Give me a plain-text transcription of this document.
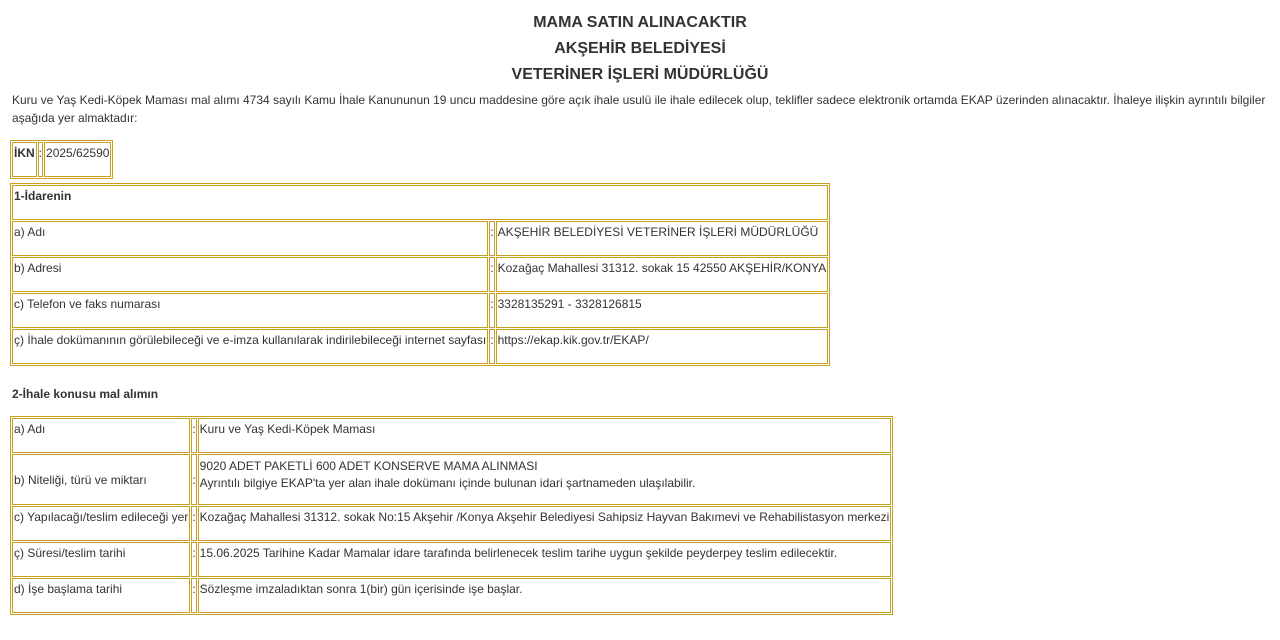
MAMA SATIN ALINACAKTIR
AKŞEHİR BELEDİYESİ
VETERİNER İŞLERİ MÜDÜRLÜĞÜ
Kuru ve Yaş Kedi-Köpek Maması mal alımı 4734 sayılı Kamu İhale Kanununun 19 uncu maddesine göre açık ihale usulü ile ihale edilecek olup, teklifler sadece elektronik ortamda EKAP üzerinden alınacaktır. İhaleye ilişkin ayrıntılı bilgiler aşağıda yer almaktadır:
İKN	:	2025/62590
1-İdarenin		
a) Adı	:	AKŞEHİR BELEDİYESİ VETERİNER İŞLERİ MÜDÜRLÜĞÜ
b) Adresi	:	Kozağaç Mahallesi 31312. sokak 15 42550 AKŞEHİR/KONYA
c) Telefon ve faks numarası	:	3328135291 - 3328126815
ç) İhale dokümanının görülebileceği ve e-imza kullanılarak indirilebileceği internet sayfası	:	https://ekap.kik.gov.tr/EKAP/
2-İhale konusu mal alımın
a) Adı	:	Kuru ve Yaş Kedi-Köpek Maması
b) Niteliği, türü ve miktarı	:	9020 ADET PAKETLİ 600 ADET KONSERVE MAMA ALINMASI
Ayrıntılı bilgiye EKAP'ta yer alan ihale dokümanı içinde bulunan idari şartnameden ulaşılabilir.

c) Yapılacağı/teslim edileceği yer	:	Kozağaç Mahallesi 31312. sokak No:15 Akşehir /Konya Akşehir Belediyesi Sahipsiz Hayvan Bakımevi ve Rehabilistasyon merkezi
ç) Süresi/teslim tarihi	:	15.06.2025 Tarihine Kadar Mamalar idare tarafında belirlenecek teslim tarihe uygun şekilde peyderpey teslim edilecektir.
d) İşe başlama tarihi	:	Sözleşme imzaladıktan sonra 1(bir) gün içerisinde işe başlar.
